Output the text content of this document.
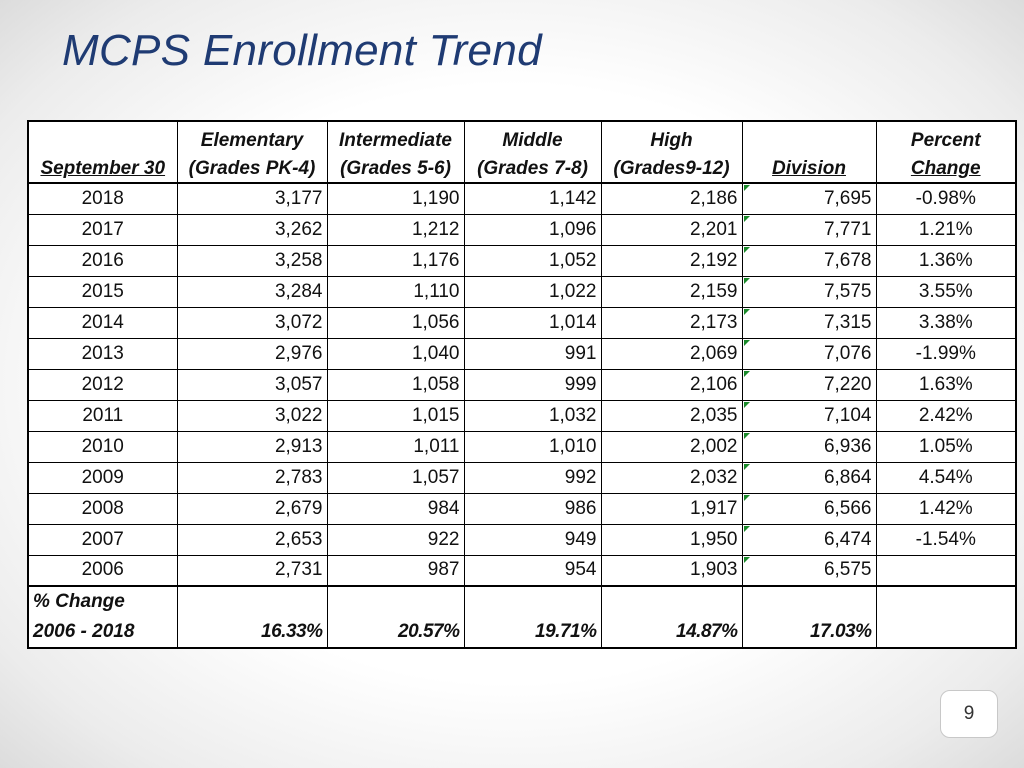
MCPS Enrollment Trend
	Elementary	Intermediate	Middle	High		Percent
September 30	(Grades PK-4)	(Grades 5-6)	(Grades 7-8)	(Grades9-12)	Division	Change
2018	3,177	1,190	1,142	2,186	7,695	-0.98%
2017	3,262	1,212	1,096	2,201	7,771	1.21%
2016	3,258	1,176	1,052	2,192	7,678	1.36%
2015	3,284	1,110	1,022	2,159	7,575	3.55%
2014	3,072	1,056	1,014	2,173	7,315	3.38%
2013	2,976	1,040	991	2,069	7,076	-1.99%
2012	3,057	1,058	999	2,106	7,220	1.63%
2011	3,022	1,015	1,032	2,035	7,104	2.42%
2010	2,913	1,011	1,010	2,002	6,936	1.05%
2009	2,783	1,057	992	2,032	6,864	4.54%
2008	2,679	984	986	1,917	6,566	1.42%
2007	2,653	922	949	1,950	6,474	-1.54%
2006	2,731	987	954	1,903	6,575	
% Change						
2006 - 2018	16.33%	20.57%	19.71%	14.87%	17.03%	
9
